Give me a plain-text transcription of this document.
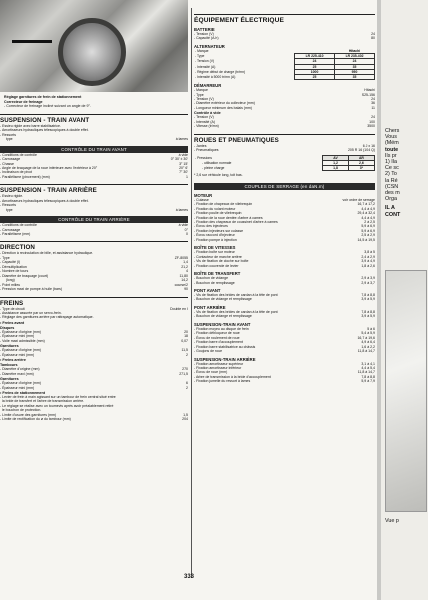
Réglage garnitures de frein de stationnement
Correcteur de freinage
- Correcteur de freinage incliné suivant un angle de 9°.
SUSPENSION - TRAIN AVANT
- Essieu rigide avec barre stabilisatrice.
- Amortisseurs hydrauliques télescopiques à double effet.
- Ressorts
type	à lames
CONTRÔLE DU TRAIN AVANT
- Conditions de contrôle	à vide
- Carrossage	0° 30' ± 30'
- Chasse	3° 15'
- Angle de braquage de la roue intérieure avec l'extérieur à 20°	20° 6'
- Inclinaison de pivot	7° 30'
- Parallélisme (pincement) (mm)	1
SUSPENSION - TRAIN ARRIÈRE
- Essieu rigide.
- Amortisseurs hydrauliques télescopiques à double effet.
- Ressorts
type	à lames
CONTRÔLE DU TRAIN ARRIÈRE
- Conditions de contrôle	à vide
- Carrossage	0°
- Parallélisme (mm)	0
DIRECTION
- Direction à recirculation de bille, et assistance hydraulique.
- Type	ZF-8055
- Capacité (l)	1,4
- Démultiplication	21,2
- Nombre de tours	4
- Diamètre de braquage (court)	11,80
(long)	14,2
- Point milieu	course/2
- Pression maxi de pompe à huile (bars)	90
FREINS
- Type de circuit	Double en I
- Assistance assurée par un servo-frein.
- Réglage des garnitures arrière par rattrapage automatique.
• Freins avant
Disques
- Épaisseur d'origine (mm)	20
- Épaisseur mini (mm)	18
- Voile maxi admissible (mm)	0,07
Garnitures
- Épaisseur d'origine (mm)	11,5
- Épaisseur mini (mm)	2
• Freins arrière
Tambours
- Diamètre d'origine (mm)	270
- Diamètre maxi (mm)	271,5
Garnitures
- Épaisseur d'origine (mm)	6
- Épaisseur mini (mm)	2
• Freins de stationnement
- Levier de frein à main agissant sur un tambour de frein central situé entre
la bride de transfert et l'arbre de transmission arrière.
- Le réglage se réalise avec un tournevis après avoir préalablement retiré
le bouchon de protection.
- Limite d'usure des garnitures (mm)	1,5
- Limite de rectification du ø du tambour (mm)	204
ÉQUIPEMENT ÉLECTRIQUE
BATTERIE
- Tension (V)	24
- Capacité (A.h)	80
ALTERNATEUR
- Marque		Hitachi
- Type	LR 225-410	LR 235-402
- Tension (V)	24	24
- Intensité (A)	25	35
- Régime début de charge (tr/mn)	1000	950
- Intensité à 5000 tr/mn (A)	25	35
DÉMARREUR
- Marque	Hitachi
- Type	S25-156
- Tension (V)	24
- Diamètre extérieur du collecteur (mm)	36
- Longueur minimum des balais (mm)	11
Contrôle à vide
- Tension (V)	24
- Intensité (A)	100
- Vitesse (tr/mn)	3500
ROUES ET PNEUMATIQUES
- Jantes	6 J x 16
- Pneumatiques	205 R 16 (104 Q)
- Pressions	AV	AR
- utilisation normale	1,2	2,6
- pleine charge	1,8	3*
* 2,6 sur véhicule long, toit bas.
COUPLES DE SERRAGE (en daN.m)
MOTEUR
- Culasse	voir ordre de serrage
- Fixation de chapeaux de vilebrequin	16,7 à 17,2
- Fixation du volant moteur	4,4 à 4,9
- Fixation poulie de vilebrequin	29,4 à 32,4
- Fixation de la roue dentée d'arbre à cames	4,4 à 4,9
- Fixation des chapeaux de coussinet d'arbre à cames	2 à 2,5
- Écrou des injecteurs	5,9 à 6,9
- Fixation injecteurs sur culasse	5,9 à 6,9
- Écrou raccord d'injecteur	2,5 à 2,9
- Fixation pompe à injection	14,5 à 19,5
BOÎTE DE VITESSES
- Fixation boîte sur moteur	3,8 à 5
- Contacteur de marche arrière	2,4 à 2,9
- Vis de fixation de cloche sur boîte	3,9 à 4,9
- Fixation couvercle de levier	1,8 à 2,6
BOÎTE DE TRANSFERT
- Bouchon de vidange	2,9 à 3,9
- Bouchon de remplissage	2,9 à 3,7
PONT AVANT
- Vis de fixation des brides de cardan à la tête de pont	7,8 à 8,8
- Bouchon de vidange et remplissage	3,9 à 5,9
PONT ARRIÈRE
- Vis de fixation des brides de cardan à la tête de pont	7,8 à 8,8
- Bouchon de vidange et remplissage	3,9 à 5,9
SUSPENSION-TRAIN AVANT
- Fixation moyeu au disque de frein	5 à 6
- Fixation débloqueur de roue	5,4 à 5,9
- Écrou de roulement de roue	16,7 à 19,6
- Fixation barre d'accouplement	4,9 à 6,4
- Fixation barre stabilisatrice au châssis	1,6 à 2,2
- Goujons de roue	11,8 à 14,7
SUSPENSION-TRAIN ARRIÈRE
- Fixation amortisseur supérieur	3,1 à 4,1
- Fixation amortisseur inférieur	4,4 à 5,4
- Écrou de roue (mm)	11,8 à 14,7
- Arbre de transmission à la bride d'accouplement	7,8 à 8,8
- Fixation jumelle du ressort à lames	5,9 à 7,9
333
Chers
Vous
(Mém
toute
Ils pr
1) Ila
Ce sc
2) To
la Ré
(CSN
des m
Orga
IL A
CONT
Vue p
